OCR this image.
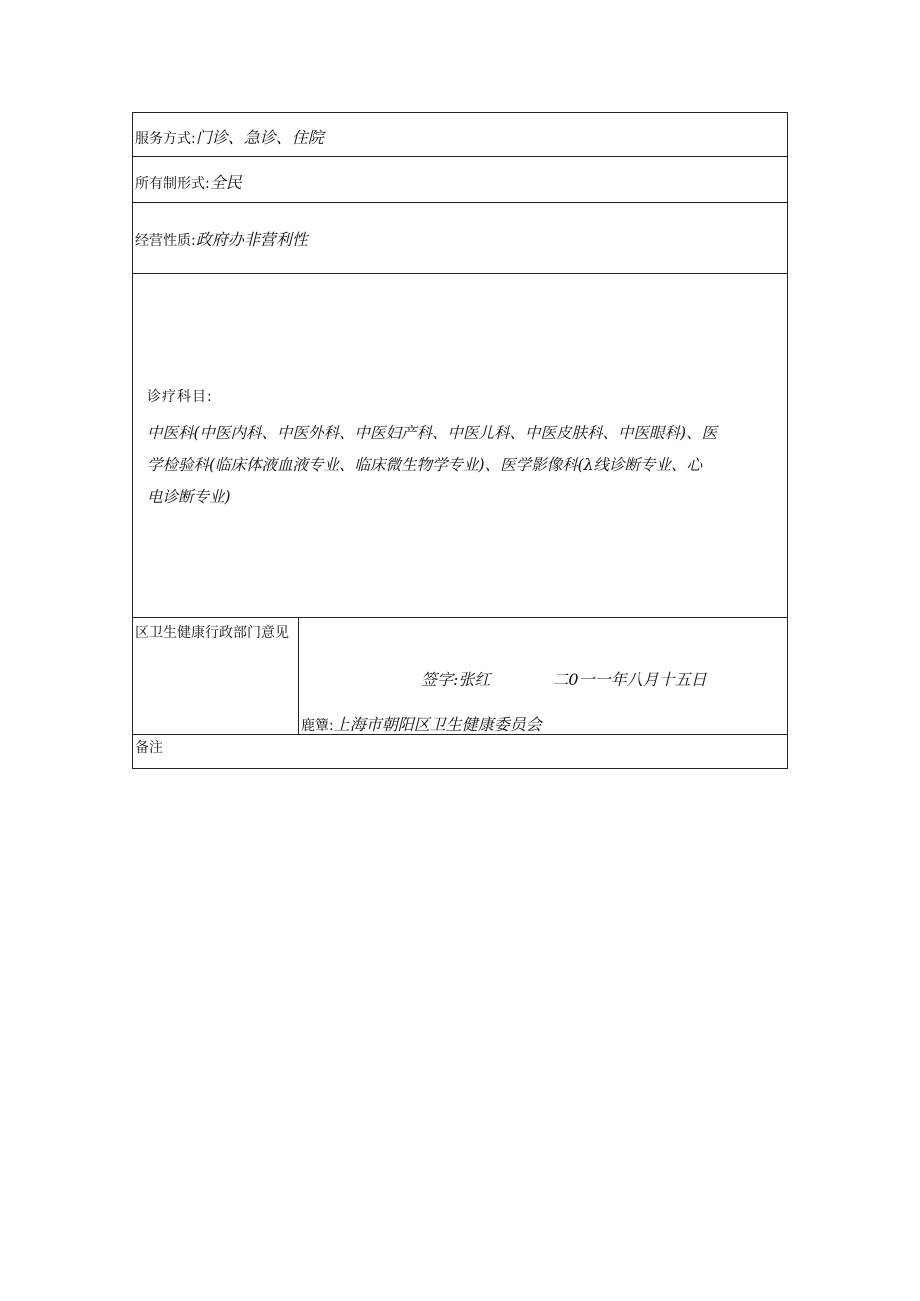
服务方式: 门诊、急诊、住院
所有制形式: 全民
经营性质: 政府办非营利性
诊疗科目:
中医科(中医内科、中医外科、中医妇产科、中医儿科、中医皮肤科、中医眼科)、医
学检验科(临床体液血液专业、临床微生物学专业)、医学影像科(λ线诊断专业、心
电诊断专业)
区卫生健康行政部门意见
签字:张红	二0一一年八月十五日
鹿簟: 上海市朝阳区卫生健康委员会
备注
